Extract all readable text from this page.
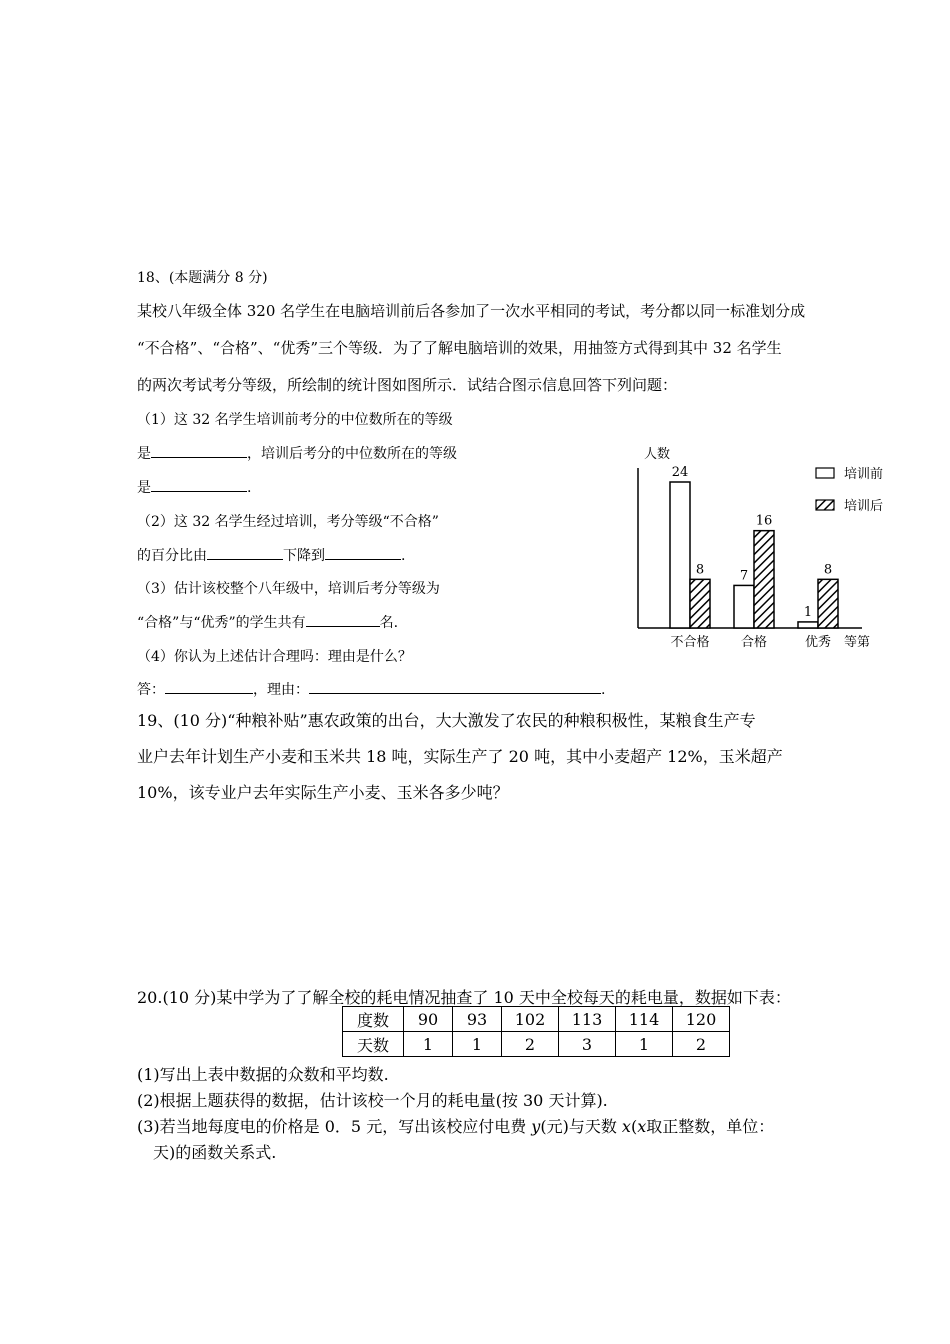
18、(本题满分 8 分)
某校八年级全体 320 名学生在电脑培训前后各参加了一次水平相同的考试，考分都以同一标准划分成
“不合格”、“合格”、“优秀”三个等级．为了了解电脑培训的效果，用抽签方式得到其中 32 名学生
的两次考试考分等级，所绘制的统计图如图所示．试结合图示信息回答下列问题：
（1）这 32 名学生培训前考分的中位数所在的等级
是	，培训后考分的中位数所在的等级
是	.
（2）这 32 名学生经过培训，考分等级“不合格”
的百分比由	下降到	.
（3）估计该校整个八年级中，培训后考分等级为
“合格”与“优秀”的学生共有	名.
（4）你认为上述估计合理吗：理由是什么？
答：	，理由：	.
人数
等第
24
8
不合格
7
16
合格
1
8
优秀
培训前
培训后
19、(10 分)“种粮补贴”惠农政策的出台，大大激发了农民的种粮积极性，某粮食生产专
业户去年计划生产小麦和玉米共 18 吨，实际生产了 20 吨，其中小麦超产 12%，玉米超产
10%，该专业户去年实际生产小麦、玉米各多少吨？
20.(10 分)某中学为了了解全校的耗电情况抽查了 10 天中全校每天的耗电量，数据如下表：
度数	90	93	102	113	114	120
天数	1	1	2	3	1	2
(1)写出上表中数据的众数和平均数.
(2)根据上题获得的数据，估计该校一个月的耗电量(按 30 天计算).
(3)若当地每度电的价格是 0．5 元，写出该校应付电费 y(元)与天数 x(x取正整数，单位：
天)的函数关系式.
